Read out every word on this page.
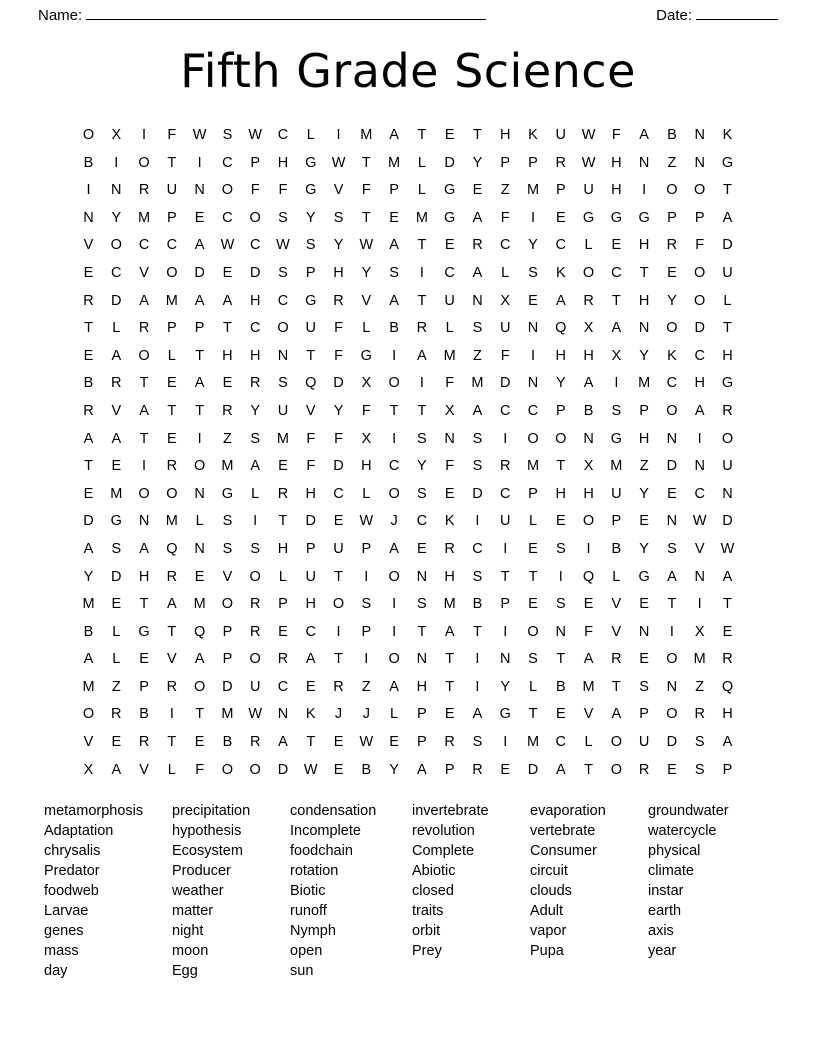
Name:	Date:
Fifth Grade Science
O	X	I	F	W	S	W	C	L	I	M	A	T	E	T	H	K	U	W	F	A	B	N	K
B	I	O	T	I	C	P	H	G	W	T	M	L	D	Y	P	P	R	W	H	N	Z	N	G
I	N	R	U	N	O	F	F	G	V	F	P	L	G	E	Z	M	P	U	H	I	O	O	T
N	Y	M	P	E	C	O	S	Y	S	T	E	M	G	A	F	I	E	G	G	G	P	P	A
V	O	C	C	A	W	C	W	S	Y	W	A	T	E	R	C	Y	C	L	E	H	R	F	D
E	C	V	O	D	E	D	S	P	H	Y	S	I	C	A	L	S	K	O	C	T	E	O	U
R	D	A	M	A	A	H	C	G	R	V	A	T	U	N	X	E	A	R	T	H	Y	O	L
T	L	R	P	P	T	C	O	U	F	L	B	R	L	S	U	N	Q	X	A	N	O	D	T
E	A	O	L	T	H	H	N	T	F	G	I	A	M	Z	F	I	H	H	X	Y	K	C	H
B	R	T	E	A	E	R	S	Q	D	X	O	I	F	M	D	N	Y	A	I	M	C	H	G
R	V	A	T	T	R	Y	U	V	Y	F	T	T	X	A	C	C	P	B	S	P	O	A	R
A	A	T	E	I	Z	S	M	F	F	X	I	S	N	S	I	O	O	N	G	H	N	I	O
T	E	I	R	O	M	A	E	F	D	H	C	Y	F	S	R	M	T	X	M	Z	D	N	U
E	M	O	O	N	G	L	R	H	C	L	O	S	E	D	C	P	H	H	U	Y	E	C	N
D	G	N	M	L	S	I	T	D	E	W	J	C	K	I	U	L	E	O	P	E	N	W	D
A	S	A	Q	N	S	S	H	P	U	P	A	E	R	C	I	E	S	I	B	Y	S	V	W
Y	D	H	R	E	V	O	L	U	T	I	O	N	H	S	T	T	I	Q	L	G	A	N	A
M	E	T	A	M	O	R	P	H	O	S	I	S	M	B	P	E	S	E	V	E	T	I	T
B	L	G	T	Q	P	R	E	C	I	P	I	T	A	T	I	O	N	F	V	N	I	X	E
A	L	E	V	A	P	O	R	A	T	I	O	N	T	I	N	S	T	A	R	E	O	M	R
M	Z	P	R	O	D	U	C	E	R	Z	A	H	T	I	Y	L	B	M	T	S	N	Z	Q
O	R	B	I	T	M	W	N	K	J	J	L	P	E	A	G	T	E	V	A	P	O	R	H
V	E	R	T	E	B	R	A	T	E	W	E	P	R	S	I	M	C	L	O	U	D	S	A
X	A	V	L	F	O	O	D	W	E	B	Y	A	P	R	E	D	A	T	O	R	E	S	P
metamorphosis
Adaptation
chrysalis
Predator
foodweb
Larvae
genes
mass
day
precipitation
hypothesis
Ecosystem
Producer
weather
matter
night
moon
Egg
condensation
Incomplete
foodchain
rotation
Biotic
runoff
Nymph
open
sun
invertebrate
revolution
Complete
Abiotic
closed
traits
orbit
Prey
evaporation
vertebrate
Consumer
circuit
clouds
Adult
vapor
Pupa
groundwater
watercycle
physical
climate
instar
earth
axis
year
